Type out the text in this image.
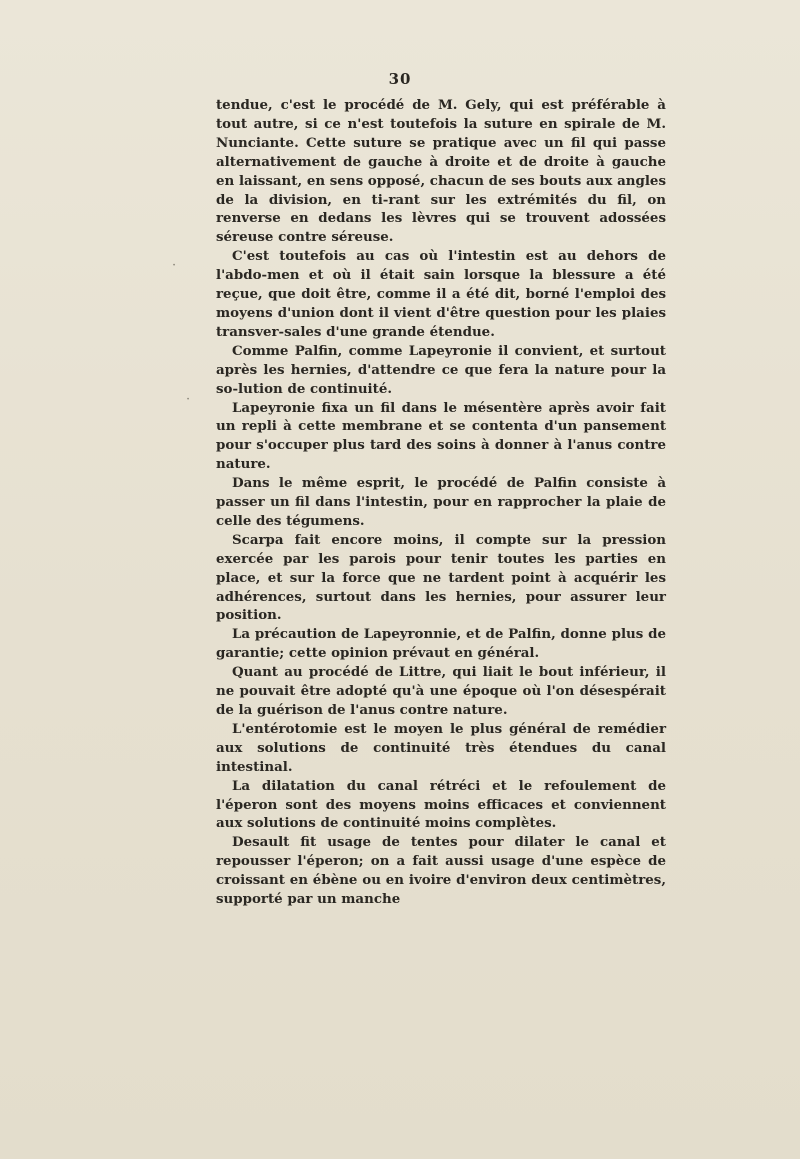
30
·
·

tendue, c'est le procédé de M. Gely, qui est préférable à tout autre, si ce n'est toutefois la suture en spirale de M. Nunciante. Cette suture se pratique avec un fil qui passe alternativement de gauche à droite et de droite à gauche en laissant, en sens opposé, chacun de ses bouts aux angles de la division, en ti-rant sur les extrémités du fil, on renverse en dedans les lèvres qui se trouvent adossées séreuse contre séreuse.

C'est toutefois au cas où l'intestin est au dehors de l'abdo-men et où il était sain lorsque la blessure a été reçue, que doit être, comme il a été dit, borné l'emploi des moyens d'union dont il vient d'être question pour les plaies transver-sales d'une grande étendue.

Comme Palfin, comme Lapeyronie il convient, et surtout après les hernies, d'attendre ce que fera la nature pour la so-lution de continuité.

Lapeyronie fixa un fil dans le mésentère après avoir fait un repli à cette membrane et se contenta d'un pansement pour s'occuper plus tard des soins à donner à l'anus contre nature.

Dans le même esprit, le procédé de Palfin consiste à passer un fil dans l'intestin, pour en rapprocher la plaie de celle des tégumens.

Scarpa fait encore moins, il compte sur la pression exercée par les parois pour tenir toutes les parties en place, et sur la force que ne tardent point à acquérir les adhérences, surtout dans les hernies, pour assurer leur position.

La précaution de Lapeyronnie, et de Palfin, donne plus de garantie; cette opinion prévaut en général.

Quant au procédé de Littre, qui liait le bout inférieur, il ne pouvait être adopté qu'à une époque où l'on désespérait de la guérison de l'anus contre nature.

L'entérotomie est le moyen le plus général de remédier aux solutions de continuité très étendues du canal intestinal.

La dilatation du canal rétréci et le refoulement de l'éperon sont des moyens moins efficaces et conviennent aux solutions de continuité moins complètes.

Desault fit usage de tentes pour dilater le canal et repousser l'éperon; on a fait aussi usage d'une espèce de croissant en ébène ou en ivoire d'environ deux centimètres, supporté par un manche
